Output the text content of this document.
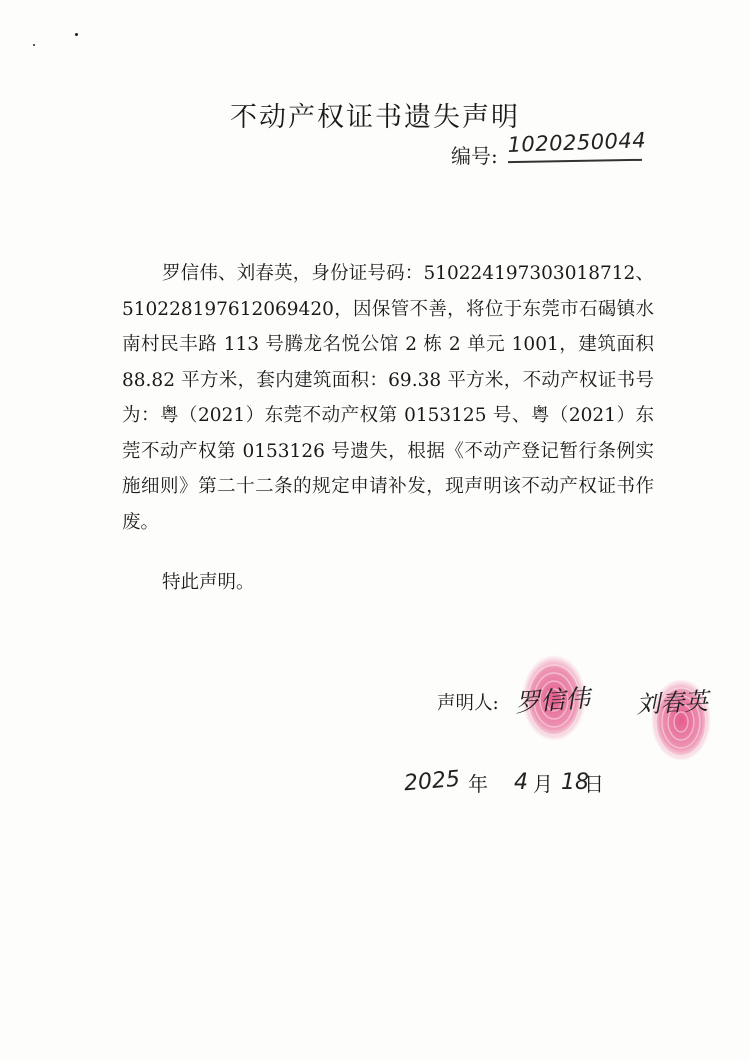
不动产权证书遗失声明
编号: 1020250044

罗信伟、刘春英，身份证号码：510224197303018712、510228197612069420，因保管不善，将位于东莞市石碣镇水南村民丰路 113 号腾龙名悦公馆 2 栋 2 单元 1001，建筑面积 88.82 平方米，套内建筑面积：69.38 平方米，不动产权证书号为：粤（2021）东莞不动产权第 0153125 号、粤（2021）东莞不动产权第 0153126 号遗失，根据《不动产登记暂行条例实施细则》第二十二条的规定申请补发，现声明该不动产权证书作废。

特此声明。
声明人: 罗信伟 刘春英
2025 年 4 月 18
日
